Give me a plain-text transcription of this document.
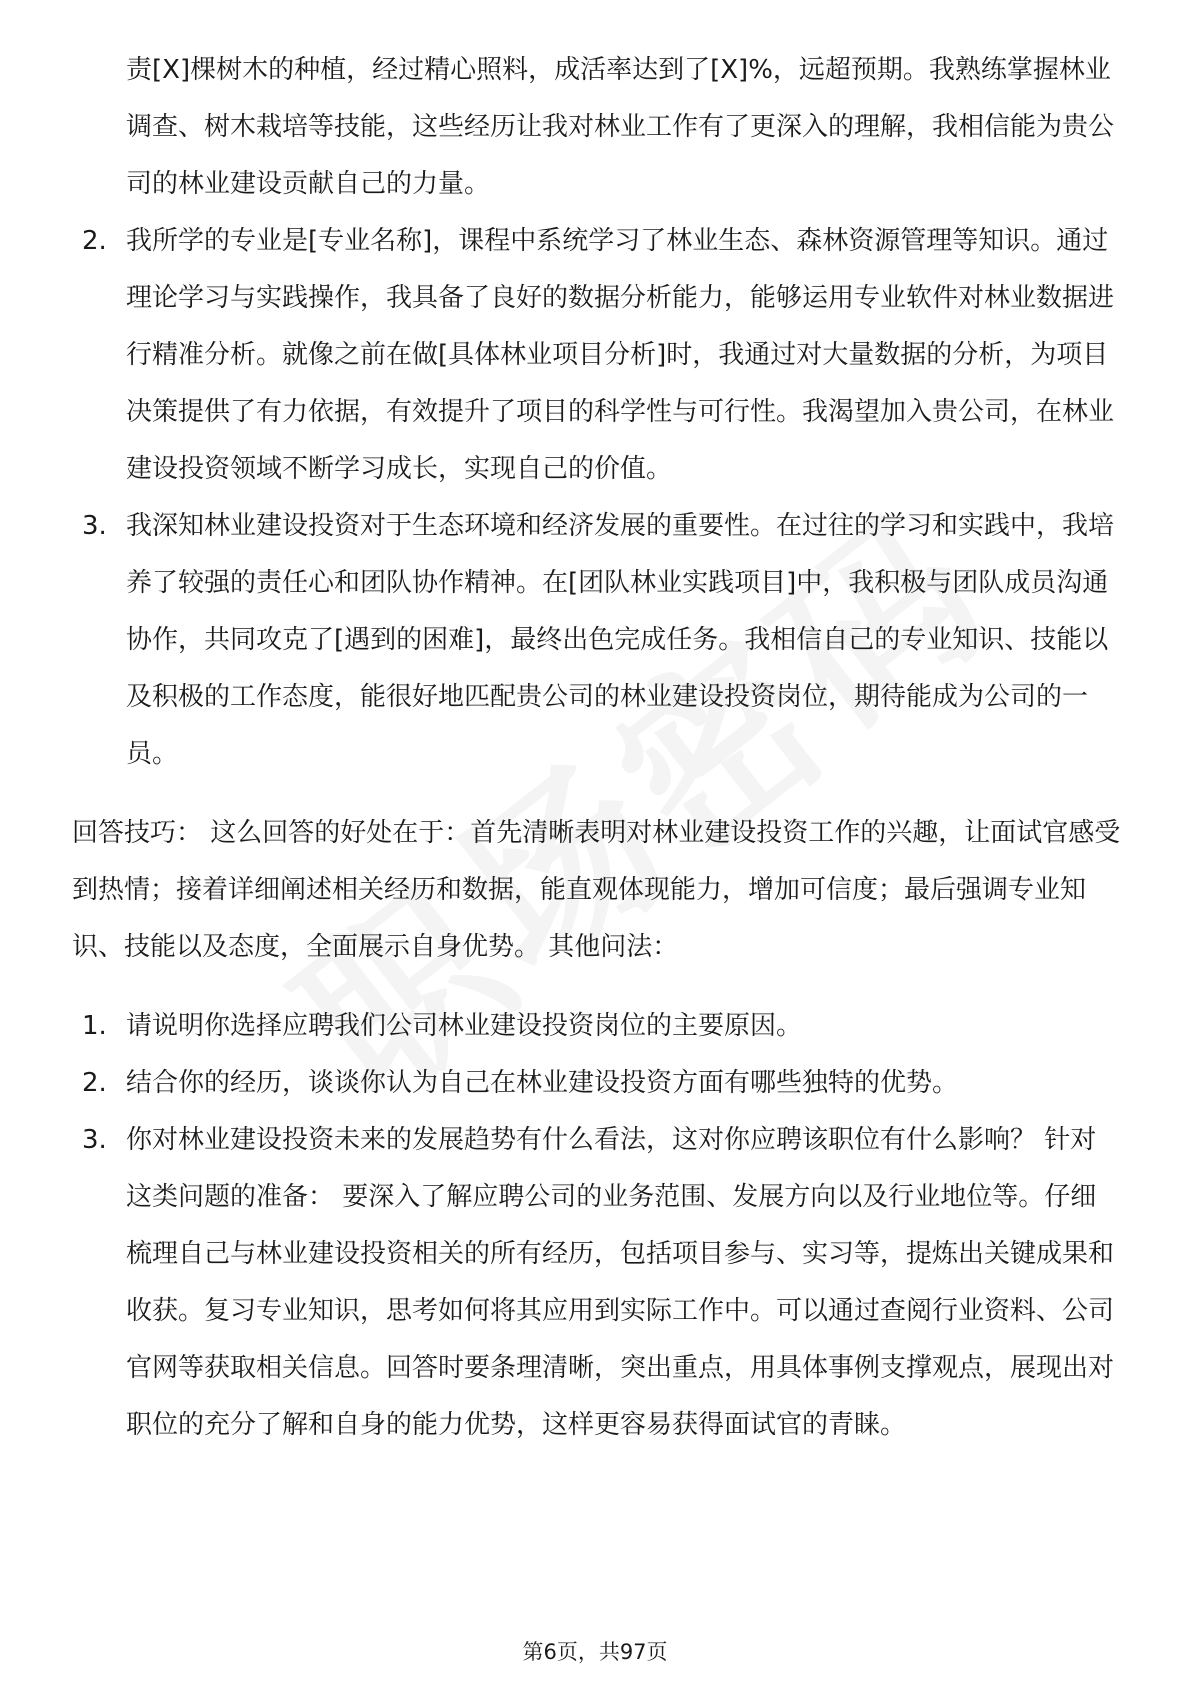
责[X]棵树木的种植，经过精心照料，成活率达到了[X]%，远超预期。我熟练掌握林业调查、树木栽培等技能，这些经历让我对林业工作有了更深入的理解，我相信能为贵公司的林业建设贡献自己的力量。
2. 我所学的专业是[专业名称]，课程中系统学习了林业生态、森林资源管理等知识。通过理论学习与实践操作，我具备了良好的数据分析能力，能够运用专业软件对林业数据进行精准分析。就像之前在做[具体林业项目分析]时，我通过对大量数据的分析，为项目决策提供了有力依据，有效提升了项目的科学性与可行性。我渴望加入贵公司，在林业建设投资领域不断学习成长，实现自己的价值。
3. 我深知林业建设投资对于生态环境和经济发展的重要性。在过往的学习和实践中，我培养了较强的责任心和团队协作精神。在[团队林业实践项目]中，我积极与团队成员沟通协作，共同攻克了[遇到的困难]，最终出色完成任务。我相信自己的专业知识、技能以及积极的工作态度，能很好地匹配贵公司的林业建设投资岗位，期待能成为公司的一员。
回答技巧： 这么回答的好处在于：首先清晰表明对林业建设投资工作的兴趣，让面试官感受到热情；接着详细阐述相关经历和数据，能直观体现能力，增加可信度；最后强调专业知识、技能以及态度，全面展示自身优势。 其他问法：
1. 请说明你选择应聘我们公司林业建设投资岗位的主要原因。
2. 结合你的经历，谈谈你认为自己在林业建设投资方面有哪些独特的优势。
3. 你对林业建设投资未来的发展趋势有什么看法，这对你应聘该职位有什么影响？ 针对这类问题的准备： 要深入了解应聘公司的业务范围、发展方向以及行业地位等。仔细梳理自己与林业建设投资相关的所有经历，包括项目参与、实习等，提炼出关键成果和收获。复习专业知识，思考如何将其应用到实际工作中。可以通过查阅行业资料、公司官网等获取相关信息。回答时要条理清晰，突出重点，用具体事例支撑观点，展现出对职位的充分了解和自身的能力优势，这样更容易获得面试官的青睐。
第6页，共97页
